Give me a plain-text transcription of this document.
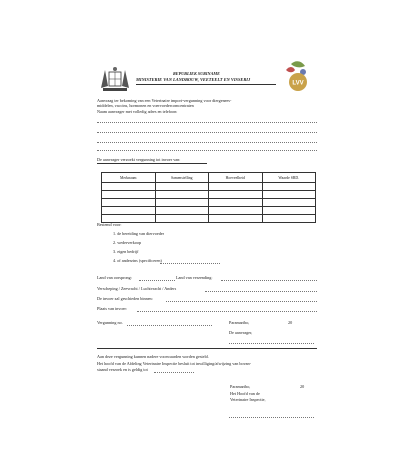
REPUBLIEK SURINAME
MINISTERIE VAN LANDBOUW, VEETEELT EN VISSERIJ
LVV
Aanvraag ter bekoming van een Veterinaire import-vergunning voor diergenees-
middelen, vaccins, hormonen en voervoedercomcentraten
Naam aanvrager met volledig adres en telefoon:
De aanvrager verzoekt vergunning tot invoer van:
Merknaam	Samenstelling	Hoeveelheid	Waarde SRD.

Bestemd voor:
1. de bereiding van diervoeder
2. wederverkoop
3. eigen bedrijf
4. of anderzins (specificeren)
Land van oorsprong:	Land van verzending:
Verscheping / Zeevracht / Luchtvracht / Anders
De invoer zal geschieden binnen:
Plaats van invoer:
Vergunning no.	Paramaribo,	20
De aanvrager,
Aan deze vergunning kunnen nadere voorwaarden worden gesteld.
Het hoofd van de Afdeling Veterinaire Inspectie besluit tot inwilliging/afwijzing van bovan-
staand verzoek en is geldig tot
Paramaribo,	20
Het Hoofd van de
Veterinaire Inspectie,
